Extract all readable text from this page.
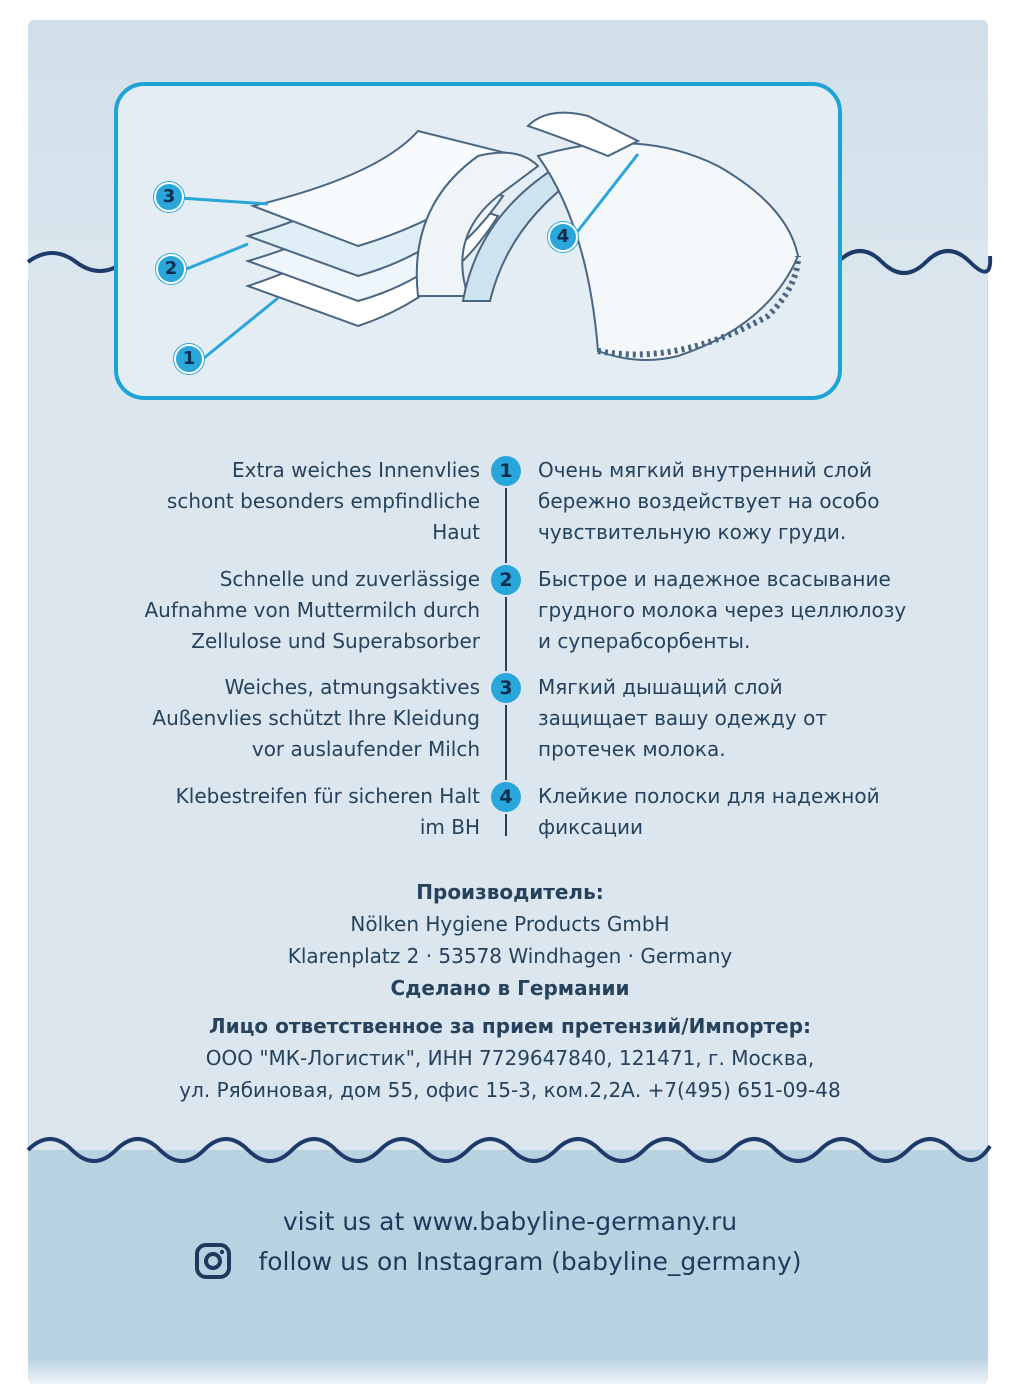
3
2
1
4
1
Extra weiches Innenvlies
schont besonders empfindliche
Haut
Очень мягкий внутренний слой
бережно воздействует на особо
чувствительную кожу груди.
2
Schnelle und zuverlässige
Aufnahme von Muttermilch durch
Zellulose und Superabsorber
Быстрое и надежное всасывание
грудного молока через целлюлозу
и суперабсорбенты.
3
Weiches, atmungsaktives
Außenvlies schützt Ihre Kleidung
vor auslaufender Milch
Мягкий дышащий слой
защищает вашу одежду от
протечек молока.
4
Klebestreifen für sicheren Halt
im BH
Клейкие полоски для надежной
фиксации
Производитель:
Nölken Hygiene Products GmbH
Klarenplatz 2 · 53578 Windhagen · Germany
Сделано в Германии
Лицо ответственное за прием претензий/Импортер:
ООО "МК-Логистик", ИНН 7729647840, 121471, г. Москва,
ул. Рябиновая, дом 55, офис 15-3, ком.2,2А. +7(495) 651-09-48
visit us at www.babyline-germany.ru
follow us on Instagram (babyline_germany)
